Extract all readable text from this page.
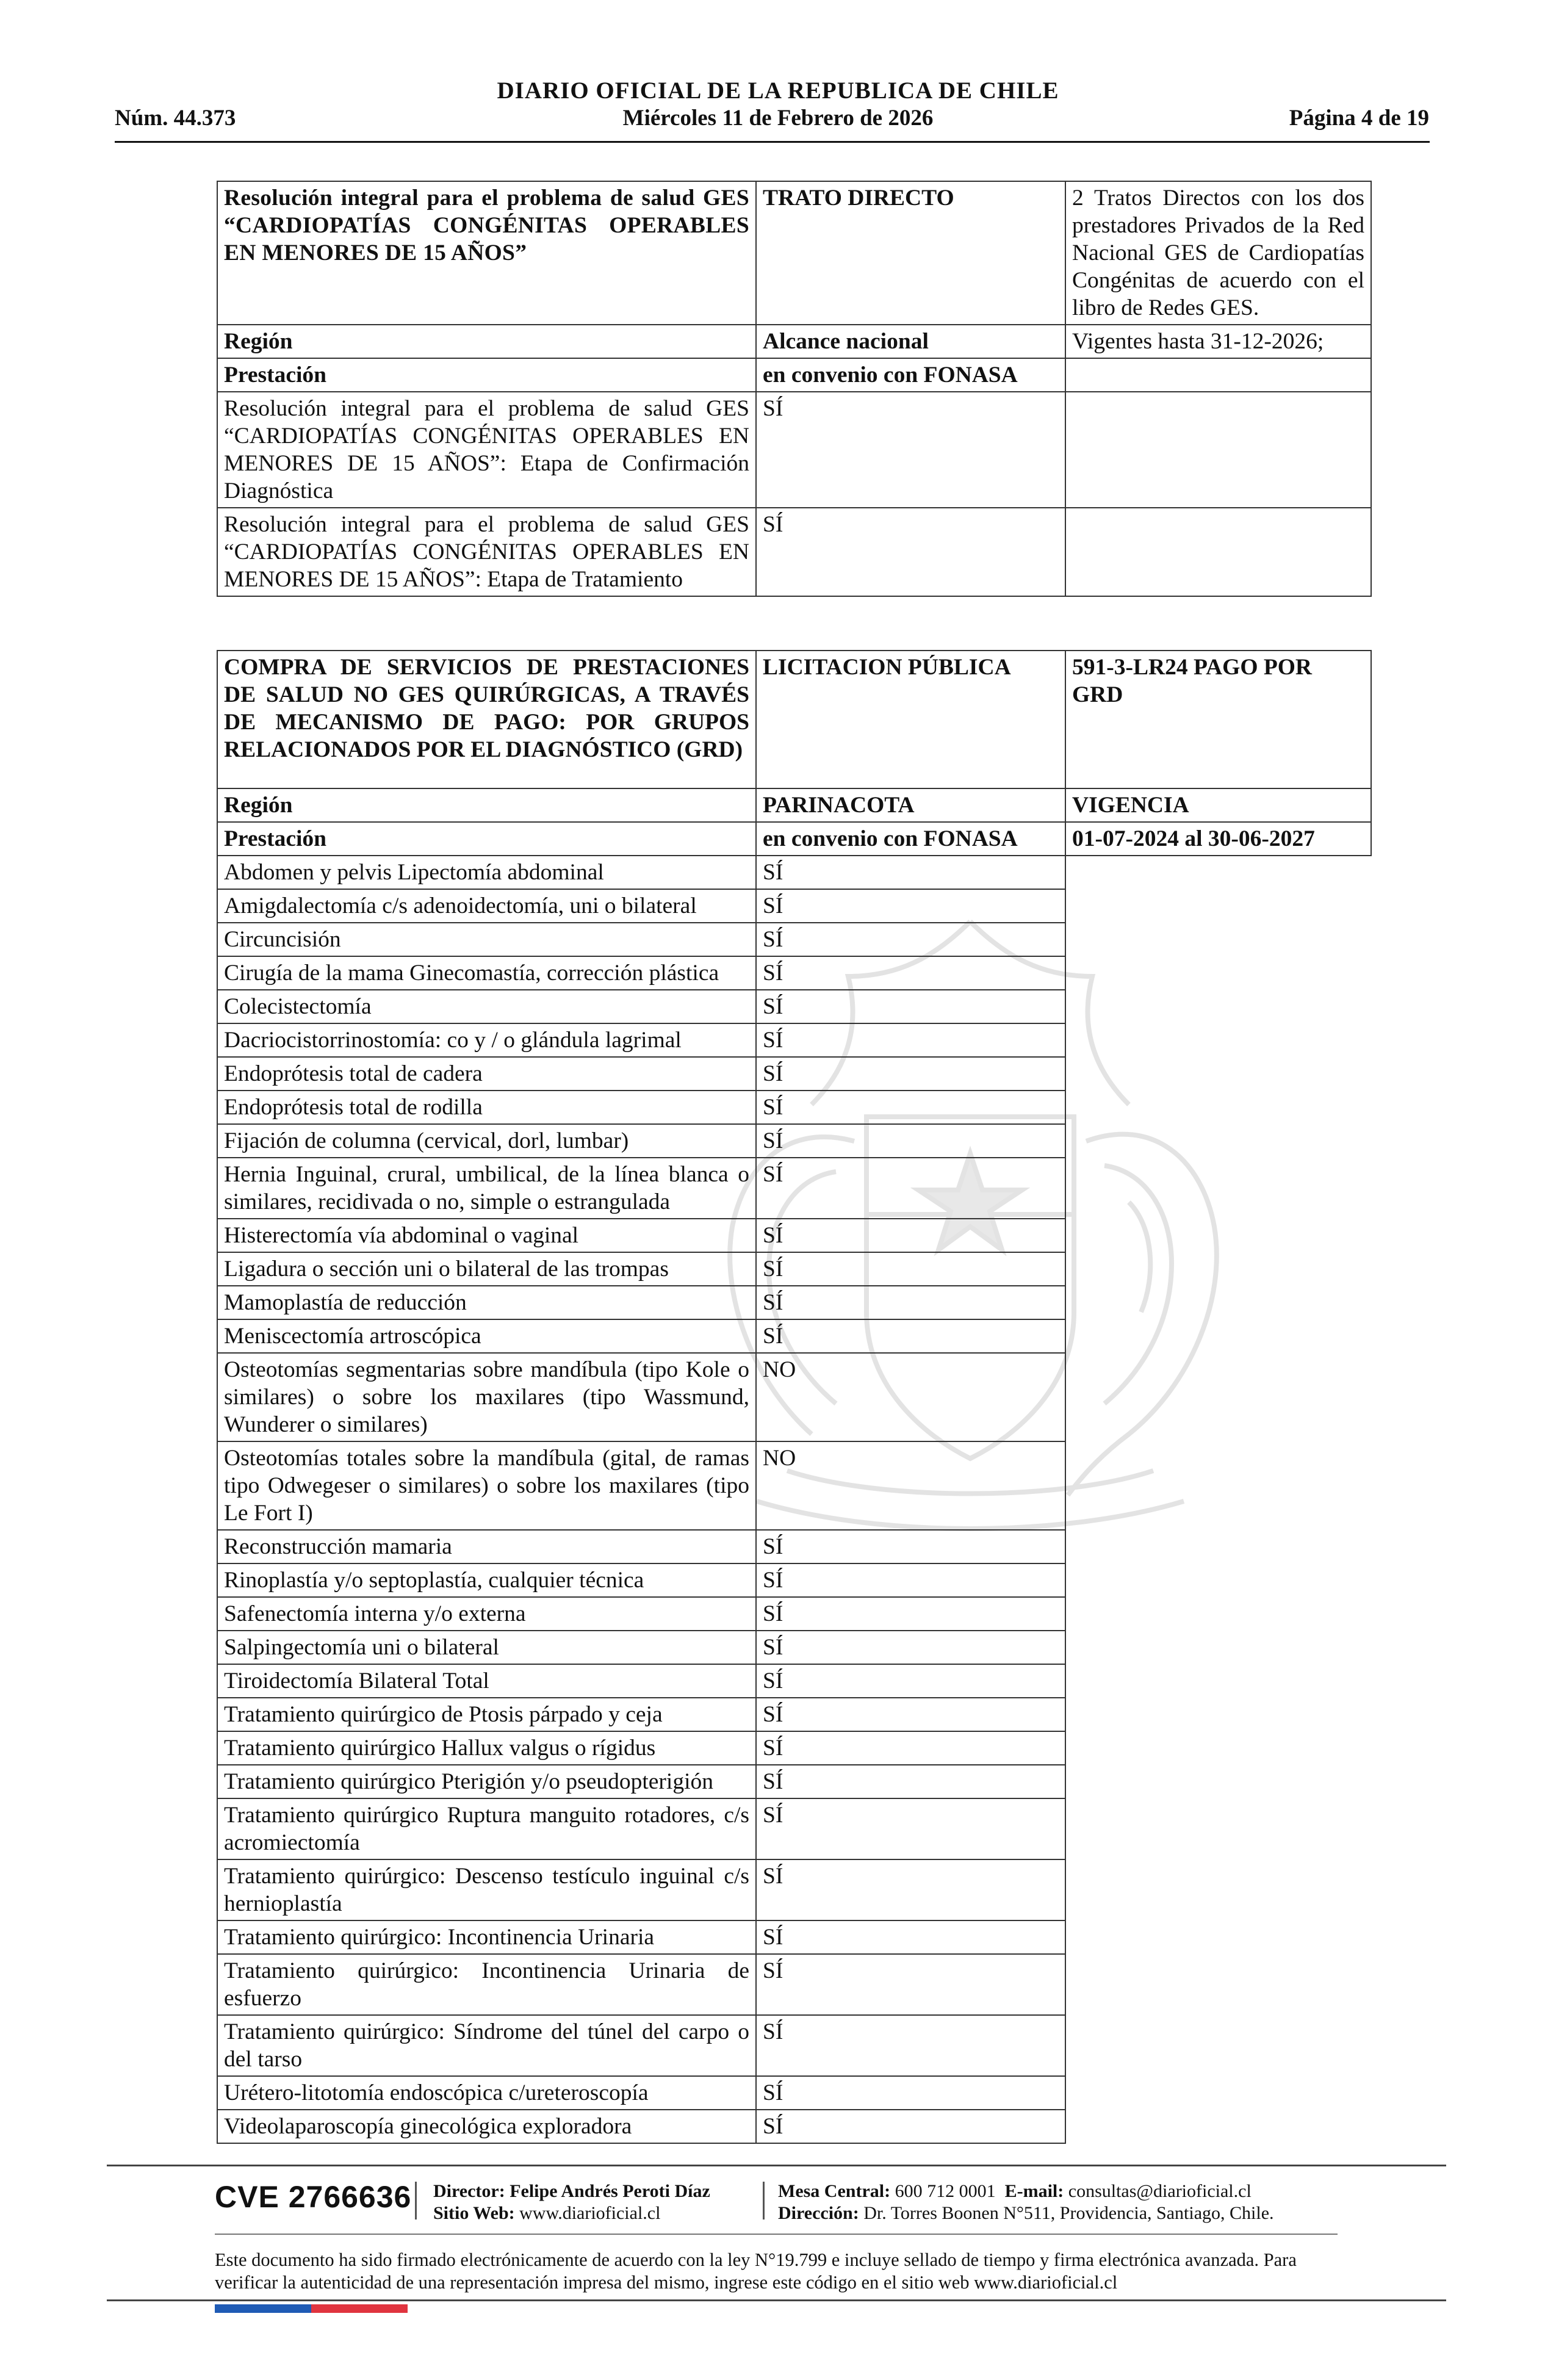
DIARIO OFICIAL DE LA REPUBLICA DE CHILE
Núm. 44.373	Miércoles 11 de Febrero de 2026	Página 4 de 19
Resolución integral para el problema de salud GES “CARDIOPATÍAS CONGÉNITAS OPERABLES EN MENORES DE 15 AÑOS”	TRATO DIRECTO	2 Tratos Directos con los dos prestadores Privados de la Red Nacional GES de Cardiopatías Congénitas de acuerdo con el libro de Redes GES.
Región	Alcance nacional	Vigentes hasta 31-12-2026;
Prestación	en convenio con FONASA	
Resolución integral para el problema de salud GES “CARDIOPATÍAS CONGÉNITAS OPERABLES EN MENORES DE 15 AÑOS”: Etapa de Confirmación Diagnóstica	SÍ	
Resolución integral para el problema de salud GES “CARDIOPATÍAS CONGÉNITAS OPERABLES EN MENORES DE 15 AÑOS”: Etapa de Tratamiento	SÍ	
COMPRA DE SERVICIOS DE PRESTACIONES DE SALUD NO GES QUIRÚRGICAS, A TRAVÉS DE MECANISMO DE PAGO: POR GRUPOS RELACIONADOS POR EL DIAGNÓSTICO (GRD)	LICITACION PÚBLICA	591-3-LR24 PAGO POR GRD
Región	PARINACOTA	VIGENCIA
Prestación	en convenio con FONASA	01-07-2024 al 30-06-2027
Abdomen y pelvis Lipectomía abdominal	SÍ	
Amigdalectomía c/s adenoidectomía, uni o bilateral	SÍ	
Circuncisión	SÍ	
Cirugía de la mama Ginecomastía, corrección plástica	SÍ	
Colecistectomía	SÍ	
Dacriocistorrinostomía: co y / o glándula lagrimal	SÍ	
Endoprótesis total de cadera	SÍ	
Endoprótesis total de rodilla	SÍ	
Fijación de columna (cervical, dorl, lumbar)	SÍ	
Hernia Inguinal, crural, umbilical, de la línea blanca o similares, recidivada o no, simple o estrangulada	SÍ	
Histerectomía vía abdominal o vaginal	SÍ	
Ligadura o sección uni o bilateral de las trompas	SÍ	
Mamoplastía de reducción	SÍ	
Meniscectomía artroscópica	SÍ	
Osteotomías segmentarias sobre mandíbula (tipo Kole o similares) o sobre los maxilares (tipo Wassmund, Wunderer o similares)	NO	
Osteotomías totales sobre la mandíbula (gital, de ramas tipo Odwegeser o similares) o sobre los maxilares (tipo Le Fort I)	NO	
Reconstrucción mamaria	SÍ	
Rinoplastía y/o septoplastía, cualquier técnica	SÍ	
Safenectomía interna y/o externa	SÍ	
Salpingectomía uni o bilateral	SÍ	
Tiroidectomía Bilateral Total	SÍ	
Tratamiento quirúrgico de Ptosis párpado y ceja	SÍ	
Tratamiento quirúrgico Hallux valgus o rígidus	SÍ	
Tratamiento quirúrgico Pterigión y/o pseudopterigión	SÍ	
Tratamiento quirúrgico Ruptura manguito rotadores, c/s acromiectomía	SÍ	
Tratamiento quirúrgico: Descenso testículo inguinal c/s hernioplastía	SÍ	
Tratamiento quirúrgico: Incontinencia Urinaria	SÍ	
Tratamiento quirúrgico: Incontinencia Urinaria de esfuerzo	SÍ	
Tratamiento quirúrgico: Síndrome del túnel del carpo o del tarso	SÍ	
Urétero-litotomía endoscópica c/ureteroscopía	SÍ	
Videolaparoscopía ginecológica exploradora	SÍ	
CVE 2766636 Director: Felipe Andrés Peroti Díaz
Sitio Web: www.diarioficial.cl
Mesa Central: 600 712 0001 E-mail: consultas@diarioficial.cl
Dirección: Dr. Torres Boonen N°511, Providencia, Santiago, Chile.
Este documento ha sido firmado electrónicamente de acuerdo con la ley N°19.799 e incluye sellado de tiempo y firma electrónica avanzada. Para verificar la autenticidad de una representación impresa del mismo, ingrese este código en el sitio web www.diarioficial.cl
